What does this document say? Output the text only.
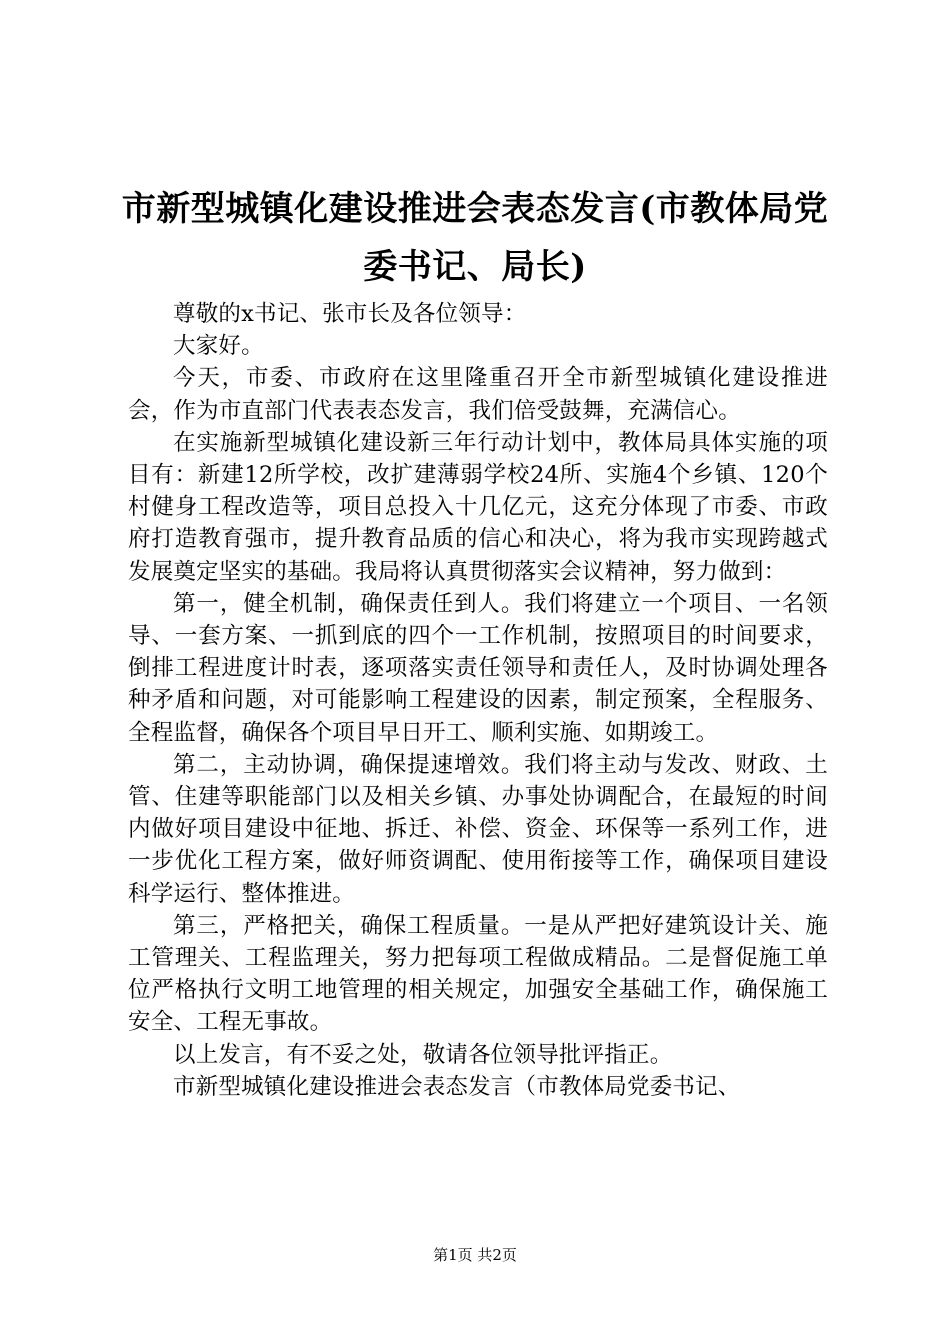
市新型城镇化建设推进会表态发言(市教体局党委书记、局长)

尊敬的x书记、张市长及各位领导：

大家好。

今天，市委、市政府在这里隆重召开全市新型城镇化建设推进会，作为市直部门代表表态发言，我们倍受鼓舞，充满信心。

在实施新型城镇化建设新三年行动计划中，教体局具体实施的项目有：新建12所学校，改扩建薄弱学校24所、实施4个乡镇、120个村健身工程改造等，项目总投入十几亿元，这充分体现了市委、市政府打造教育强市，提升教育品质的信心和决心，将为我市实现跨越式发展奠定坚实的基础。我局将认真贯彻落实会议精神，努力做到：

第一，健全机制，确保责任到人。我们将建立一个项目、一名领导、一套方案、一抓到底的四个一工作机制，按照项目的时间要求，倒排工程进度计时表，逐项落实责任领导和责任人，及时协调处理各种矛盾和问题，对可能影响工程建设的因素，制定预案，全程服务、全程监督，确保各个项目早日开工、顺利实施、如期竣工。

第二，主动协调，确保提速增效。我们将主动与发改、财政、土管、住建等职能部门以及相关乡镇、办事处协调配合，在最短的时间内做好项目建设中征地、拆迁、补偿、资金、环保等一系列工作，进一步优化工程方案，做好师资调配、使用衔接等工作，确保项目建设科学运行、整体推进。

第三，严格把关，确保工程质量。一是从严把好建筑设计关、施工管理关、工程监理关，努力把每项工程做成精品。二是督促施工单位严格执行文明工地管理的相关规定，加强安全基础工作，确保施工安全、工程无事故。

以上发言，有不妥之处，敬请各位领导批评指正。

市新型城镇化建设推进会表态发言（市教体局党委书记、

第1页 共2页
